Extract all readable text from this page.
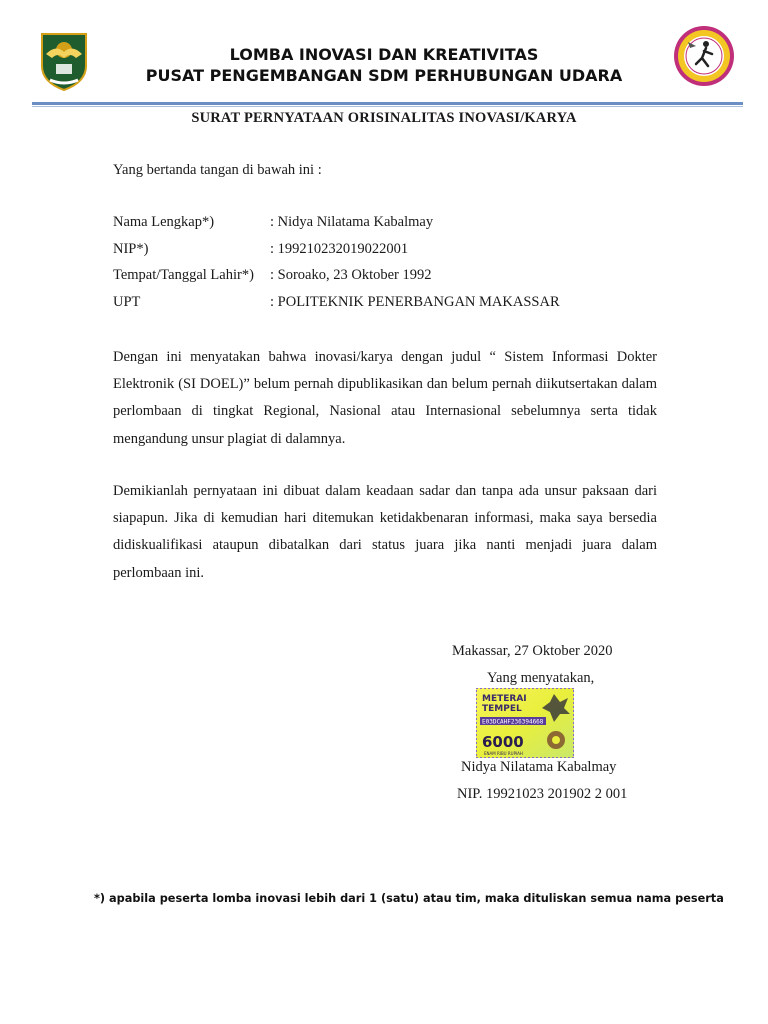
LOMBA INOVASI DAN KREATIVITAS
PUSAT PENGEMBANGAN SDM PERHUBUNGAN UDARA
SURAT PERNYATAAN ORISINALITAS INOVASI/KARYA
Yang bertanda tangan di bawah ini :
Nama Lengkap*)	: Nidya Nilatama Kabalmay
NIP*)	: 199210232019022001
Tempat/Tanggal Lahir*)	: Soroako, 23 Oktober 1992
UPT	: POLITEKNIK PENERBANGAN MAKASSAR
Dengan ini menyatakan bahwa inovasi/karya dengan judul “ Sistem Informasi Dokter Elektronik (SI DOEL)” belum pernah dipublikasikan dan belum pernah diikutsertakan dalam perlombaan di tingkat Regional, Nasional atau Internasional sebelumnya serta tidak mengandung unsur plagiat di dalamnya.
Demikianlah pernyataan ini dibuat dalam keadaan sadar dan tanpa ada unsur paksaan dari siapapun. Jika di kemudian hari ditemukan ketidakbenaran informasi, maka saya bersedia didiskualifikasi ataupun dibatalkan dari status juara jika nanti menjadi juara dalam perlombaan ini.
Makassar, 27 Oktober 2020
Yang menyatakan,
METERAI
TEMPEL
E03DCAHF236394668
6000
ENAM RIBU RUPIAH
Nidya Nilatama Kabalmay
NIP. 19921023 201902 2 001
*) apabila peserta lomba inovasi lebih dari 1 (satu) atau tim, maka dituliskan semua nama peserta
